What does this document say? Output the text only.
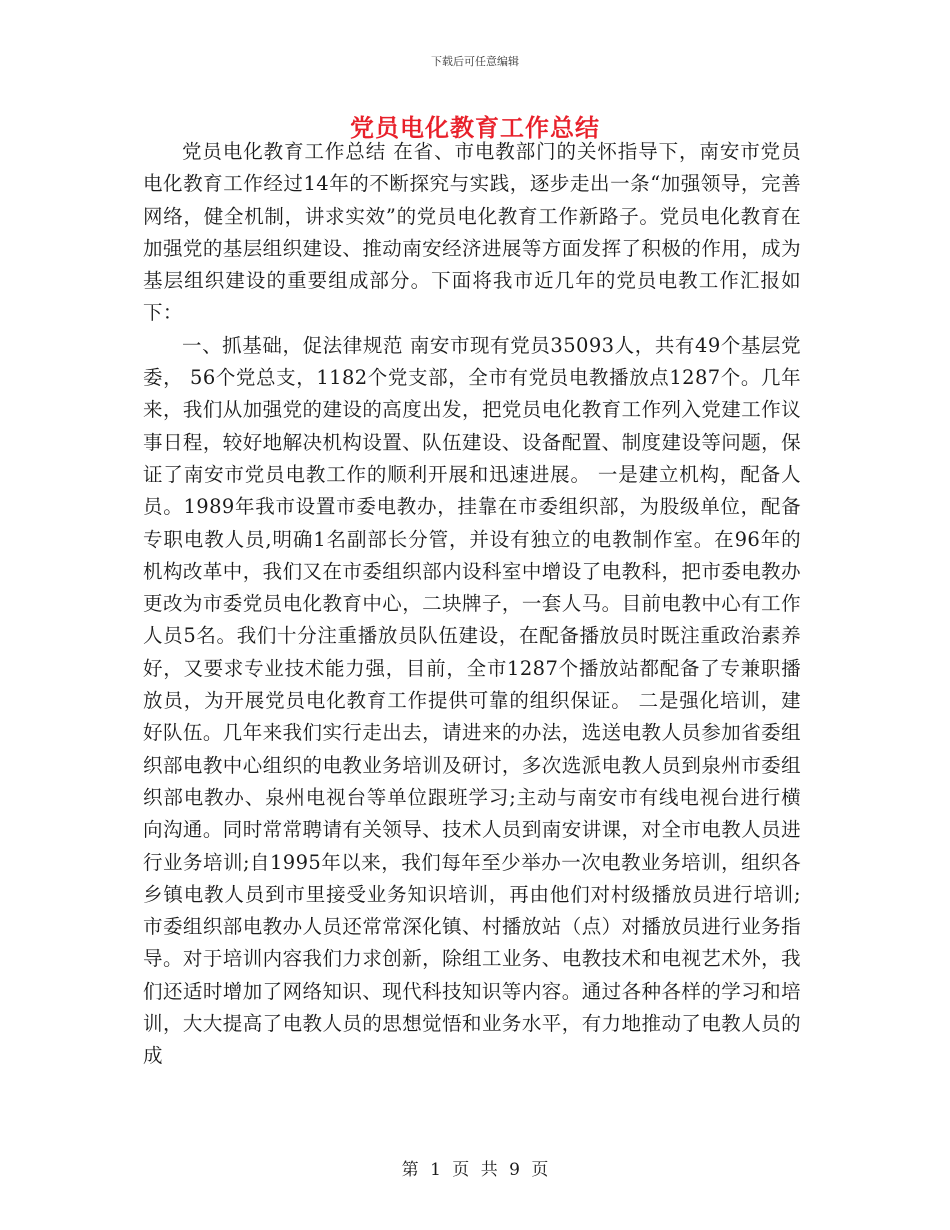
下载后可任意编辑
党员电化教育工作总结

党员电化教育工作总结 在省、市电教部门的关怀指导下，南安市党员电化教育工作经过14年的不断探究与实践，逐步走出一条“加强领导，完善网络，健全机制，讲求实效”的党员电化教育工作新路子。党员电化教育在加强党的基层组织建设、推动南安经济进展等方面发挥了积极的作用，成为基层组织建设的重要组成部分。下面将我市近几年的党员电教工作汇报如下：

一、抓基础，促法律规范 南安市现有党员35093人，共有49个基层党委， 56个党总支，1182个党支部，全市有党员电教播放点1287个。几年来，我们从加强党的建设的高度出发，把党员电化教育工作列入党建工作议事日程，较好地解决机构设置、队伍建设、设备配置、制度建设等问题，保证了南安市党员电教工作的顺利开展和迅速进展。 一是建立机构，配备人员。1989年我市设置市委电教办，挂靠在市委组织部，为股级单位，配备专职电教人员,明确1名副部长分管，并设有独立的电教制作室。在96年的机构改革中，我们又在市委组织部内设科室中增设了电教科，把市委电教办更改为市委党员电化教育中心，二块牌子，一套人马。目前电教中心有工作人员5名。我们十分注重播放员队伍建设，在配备播放员时既注重政治素养好，又要求专业技术能力强，目前，全市1287个播放站都配备了专兼职播放员，为开展党员电化教育工作提供可靠的组织保证。 二是强化培训，建好队伍。几年来我们实行走出去，请进来的办法，选送电教人员参加省委组织部电教中心组织的电教业务培训及研讨，多次选派电教人员到泉州市委组织部电教办、泉州电视台等单位跟班学习;主动与南安市有线电视台进行横向沟通。同时常常聘请有关领导、技术人员到南安讲课，对全市电教人员进行业务培训;自1995年以来，我们每年至少举办一次电教业务培训，组织各乡镇电教人员到市里接受业务知识培训，再由他们对村级播放员进行培训;市委组织部电教办人员还常常深化镇、村播放站（点）对播放员进行业务指导。对于培训内容我们力求创新，除组工业务、电教技术和电视艺术外，我们还适时增加了网络知识、现代科技知识等内容。通过各种各样的学习和培训，大大提高了电教人员的思想觉悟和业务水平，有力地推动了电教人员的成

第 1 页 共 9 页
